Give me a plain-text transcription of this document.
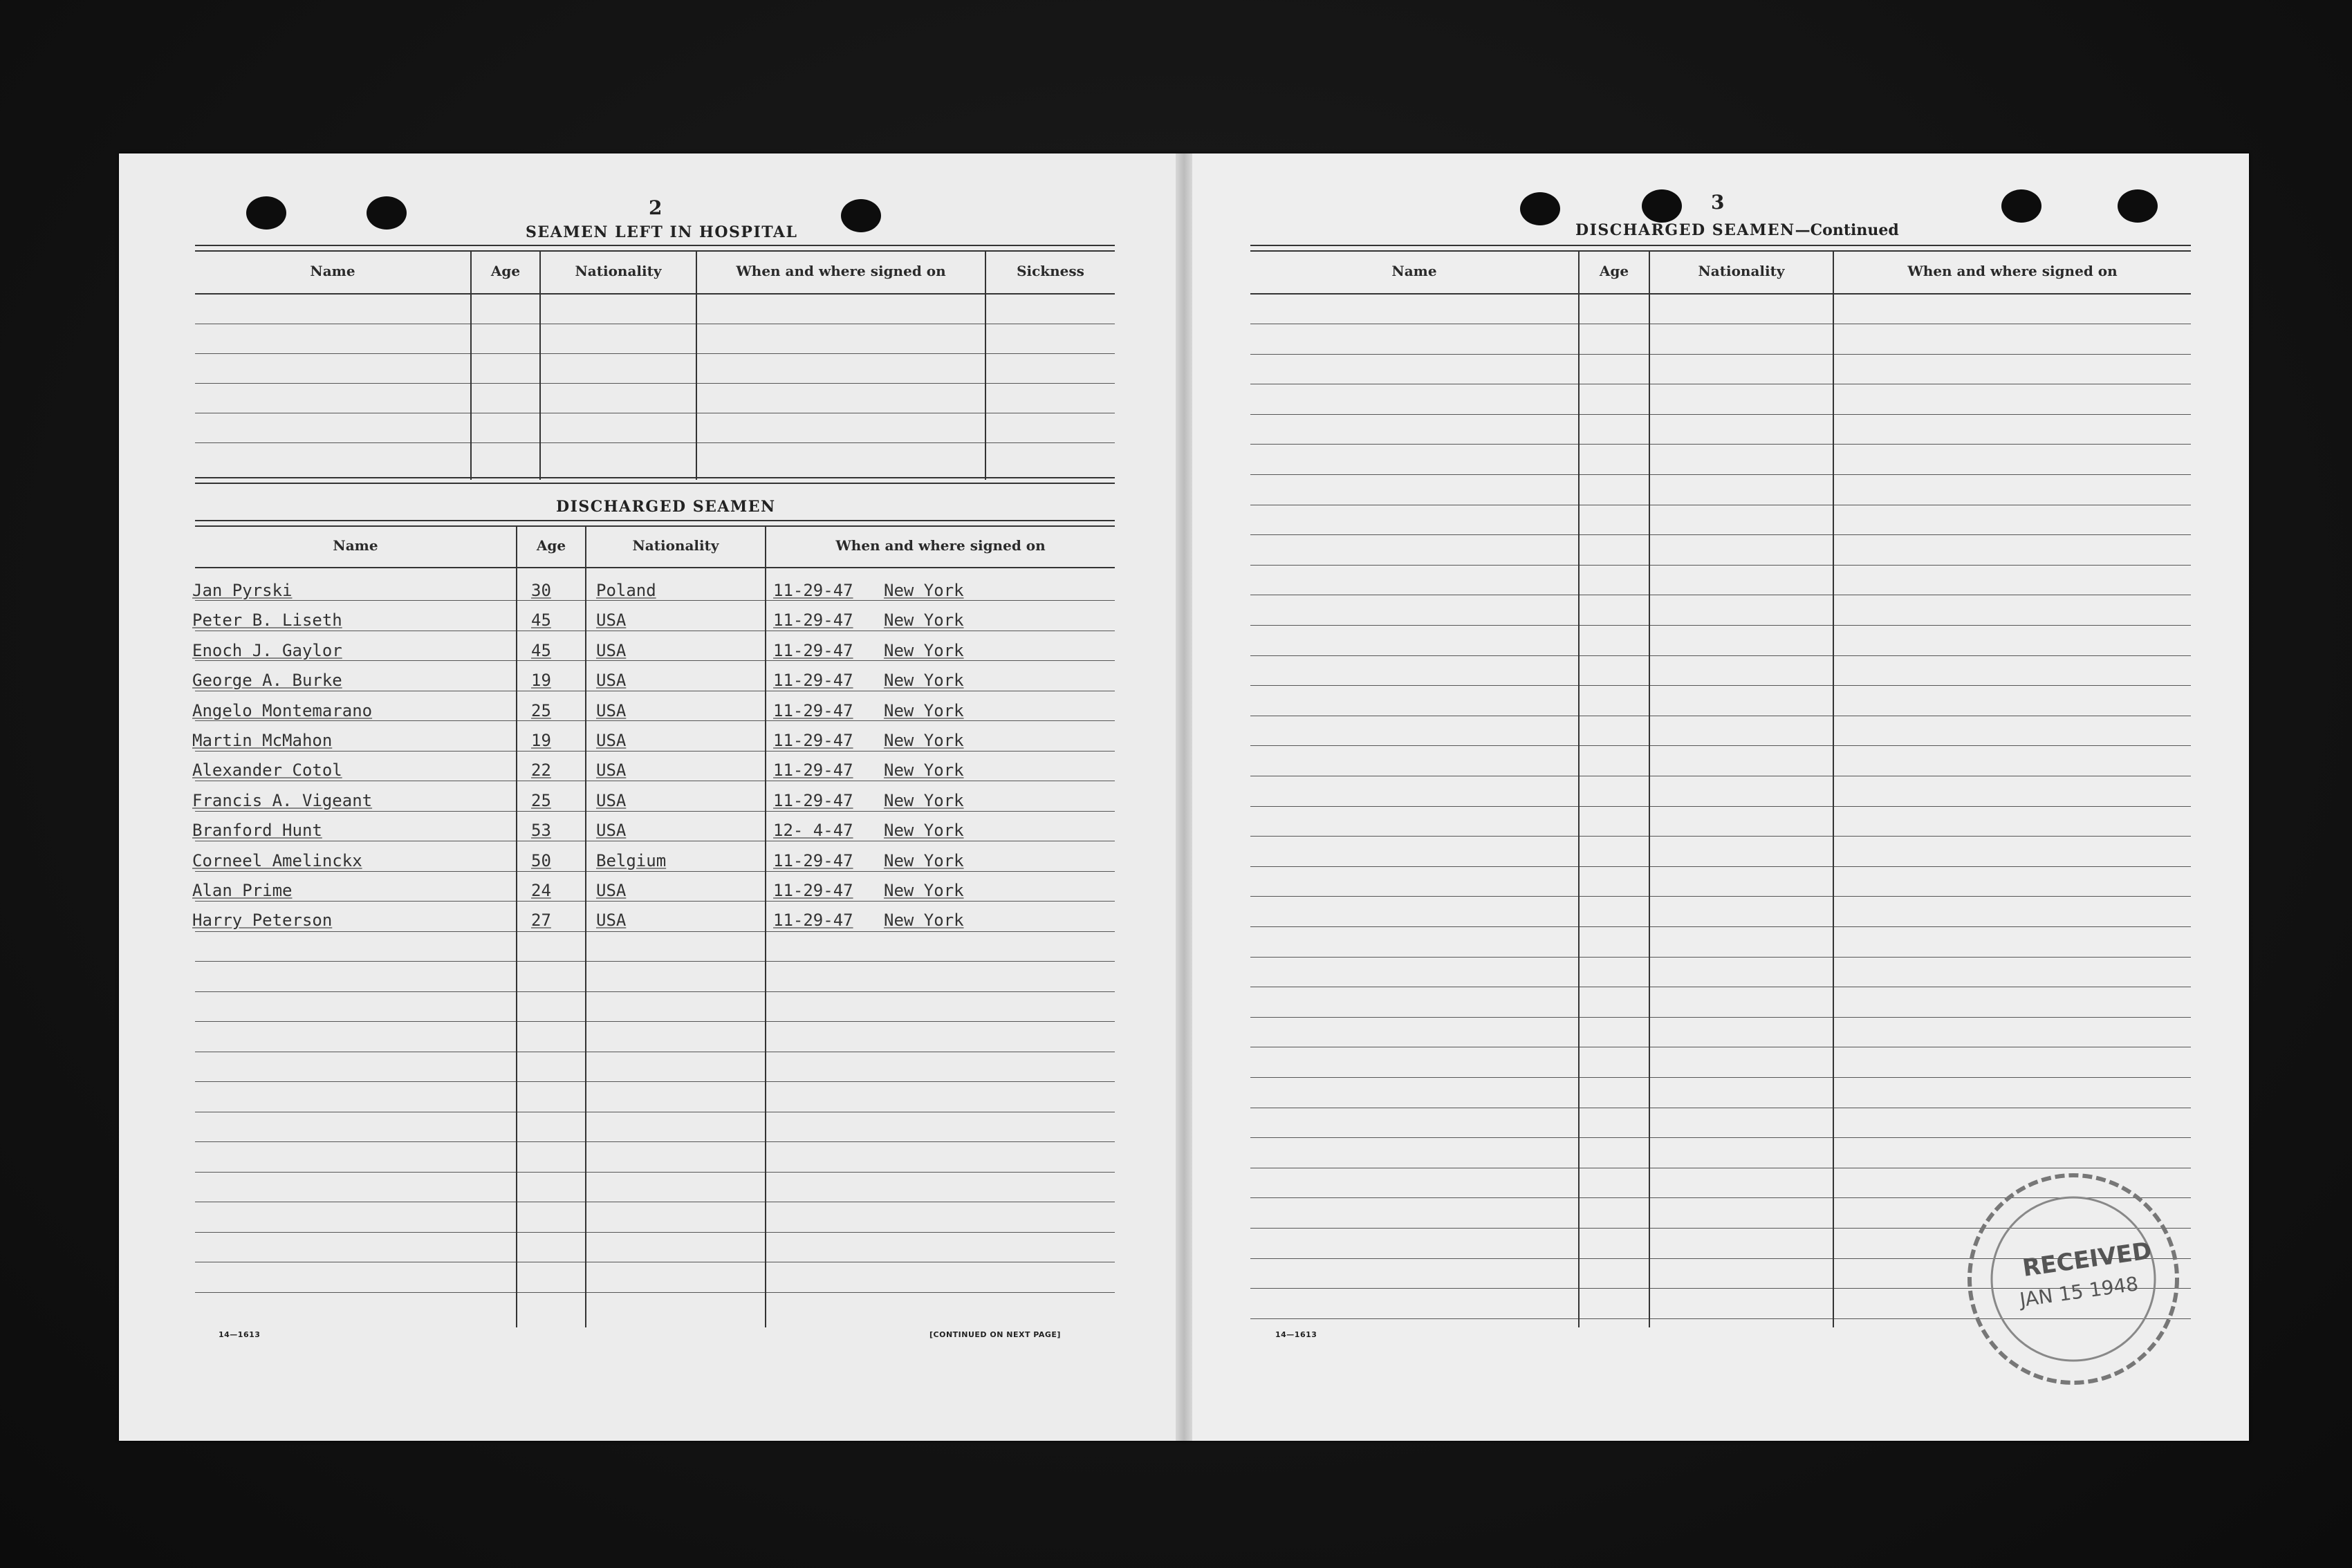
2
SEAMEN LEFT IN HOSPITAL
Name	Age	Nationality	When and where signed on	Sickness
DISCHARGED SEAMEN
Name	Age	Nationality	When and where signed on
Jan Pyrski	30	Poland	11-29-47 New York
Peter B. Liseth	45	USA	11-29-47 New York
Enoch J. Gaylor	45	USA	11-29-47 New York
George A. Burke	19	USA	11-29-47 New York
Angelo Montemarano	25	USA	11-29-47 New York
Martin McMahon	19	USA	11-29-47 New York
Alexander Cotol	22	USA	11-29-47 New York
Francis A. Vigeant	25	USA	11-29-47 New York
Branford Hunt	53	USA	12- 4-47 New York
Corneel Amelinckx	50	Belgium	11-29-47 New York
Alan Prime	24	USA	11-29-47 New York
Harry Peterson	27	USA	11-29-47 New York
14—1613	[CONTINUED ON NEXT PAGE]
3
DISCHARGED SEAMEN—Continued
Name	Age	Nationality	When and where signed on
14—1613
RECEIVED
JAN 15 1948
